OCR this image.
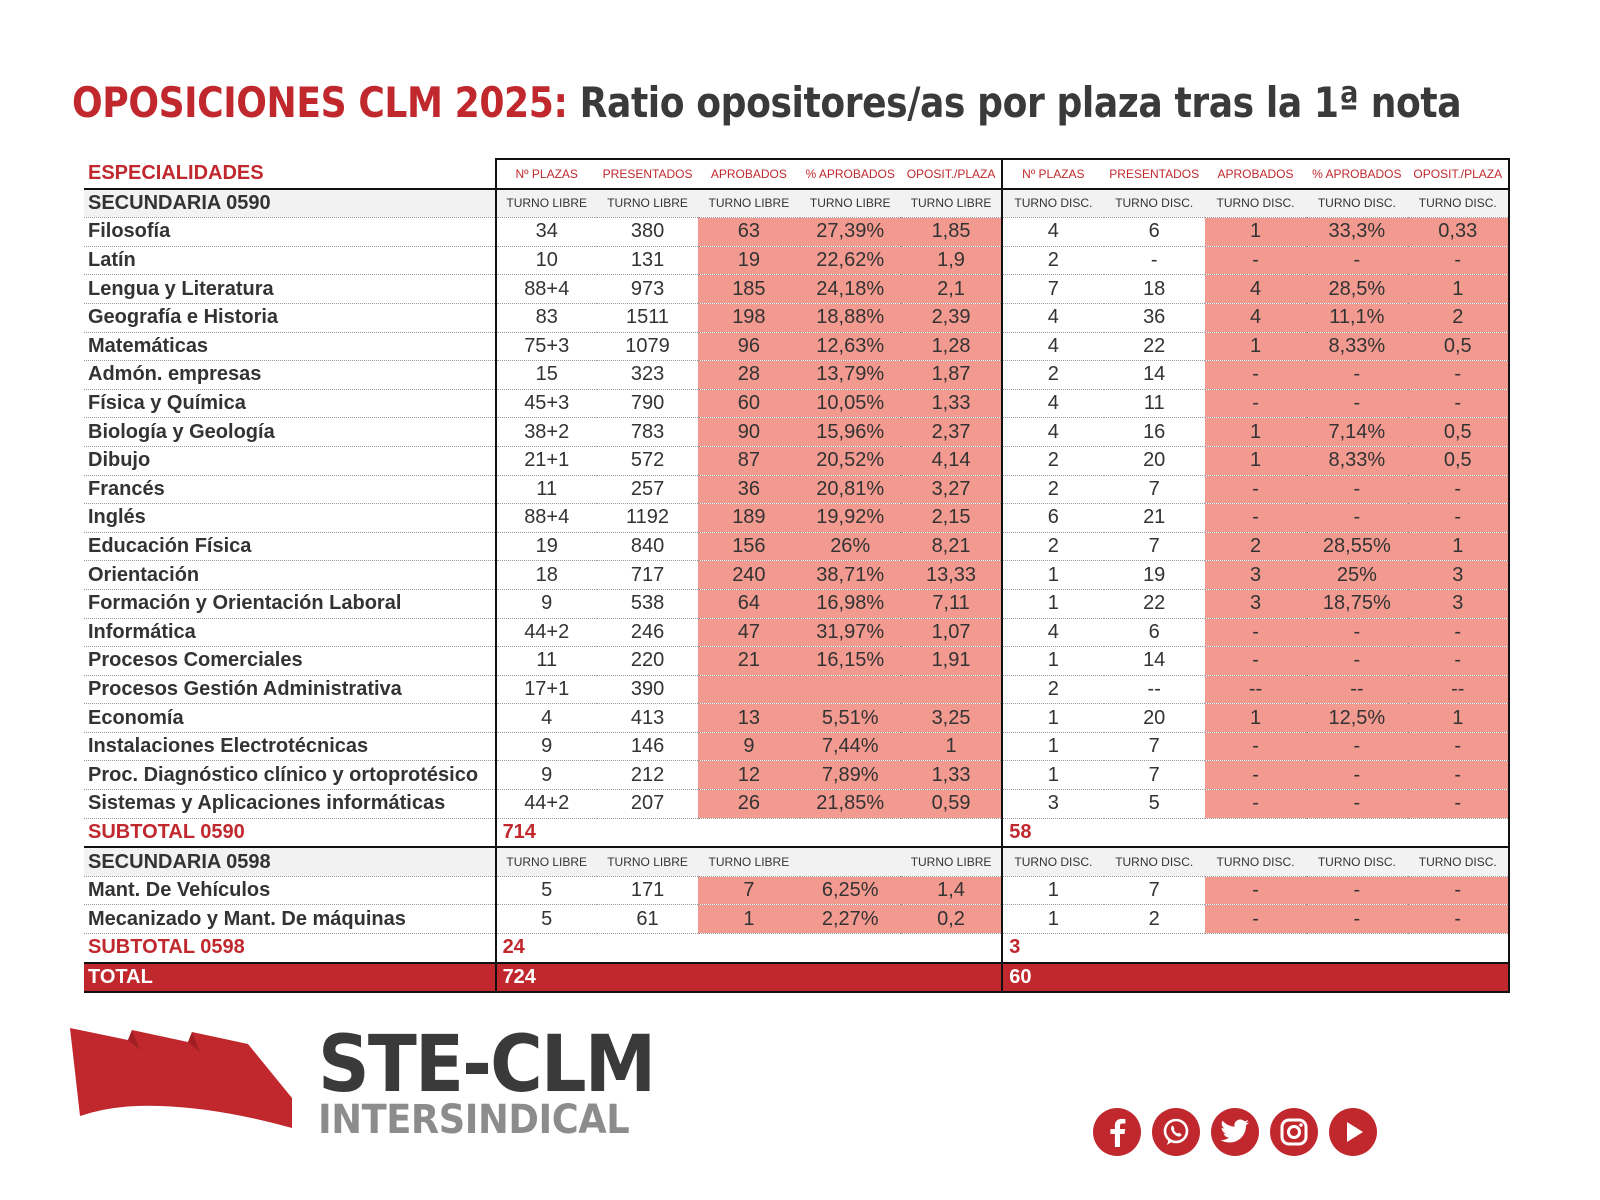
OPOSICIONES CLM 2025: Ratio opositores/as por plaza tras la 1ª nota
ESPECIALIDADES	Nº PLAZAS	PRESENTADOS	APROBADOS	% APROBADOS	OPOSIT./PLAZA	Nº PLAZAS	PRESENTADOS	APROBADOS	% APROBADOS	OPOSIT./PLAZA
SECUNDARIA 0590	TURNO LIBRE	TURNO LIBRE	TURNO LIBRE	TURNO LIBRE	TURNO LIBRE	TURNO DISC.	TURNO DISC.	TURNO DISC.	TURNO DISC.	TURNO DISC.
Filosofía	34	380	63	27,39%	1,85	4	6	1	33,3%	0,33
Latín	10	131	19	22,62%	1,9	2	-	-	-	-
Lengua y Literatura	88+4	973	185	24,18%	2,1	7	18	4	28,5%	1
Geografía e Historia	83	1511	198	18,88%	2,39	4	36	4	11,1%	2
Matemáticas	75+3	1079	96	12,63%	1,28	4	22	1	8,33%	0,5
Admón. empresas	15	323	28	13,79%	1,87	2	14	-	-	-
Física y Química	45+3	790	60	10,05%	1,33	4	11	-	-	-
Biología y Geología	38+2	783	90	15,96%	2,37	4	16	1	7,14%	0,5
Dibujo	21+1	572	87	20,52%	4,14	2	20	1	8,33%	0,5
Francés	11	257	36	20,81%	3,27	2	7	-	-	-
Inglés	88+4	1192	189	19,92%	2,15	6	21	-	-	-
Educación Física	19	840	156	26%	8,21	2	7	2	28,55%	1
Orientación	18	717	240	38,71%	13,33	1	19	3	25%	3
Formación y Orientación Laboral	9	538	64	16,98%	7,11	1	22	3	18,75%	3
Informática	44+2	246	47	31,97%	1,07	4	6	-	-	-
Procesos Comerciales	11	220	21	16,15%	1,91	1	14	-	-	-
Procesos Gestión Administrativa	17+1	390				2	--	--	--	--
Economía	4	413	13	5,51%	3,25	1	20	1	12,5%	1
Instalaciones Electrotécnicas	9	146	9	7,44%	1	1	7	-	-	-
Proc. Diagnóstico clínico y ortoprotésico	9	212	12	7,89%	1,33	1	7	-	-	-
Sistemas y Aplicaciones informáticas	44+2	207	26	21,85%	0,59	3	5	-	-	-
SUBTOTAL 0590	714					58				
SECUNDARIA 0598	TURNO LIBRE	TURNO LIBRE	TURNO LIBRE		TURNO LIBRE	TURNO DISC.	TURNO DISC.	TURNO DISC.	TURNO DISC.	TURNO DISC.
Mant. De Vehículos	5	171	7	6,25%	1,4	1	7	-	-	-
Mecanizado y Mant. De máquinas	5	61	1	2,27%	0,2	1	2	-	-	-
SUBTOTAL 0598	24					3				
TOTAL	724					60				
STE-CLM
INTERSINDICAL
